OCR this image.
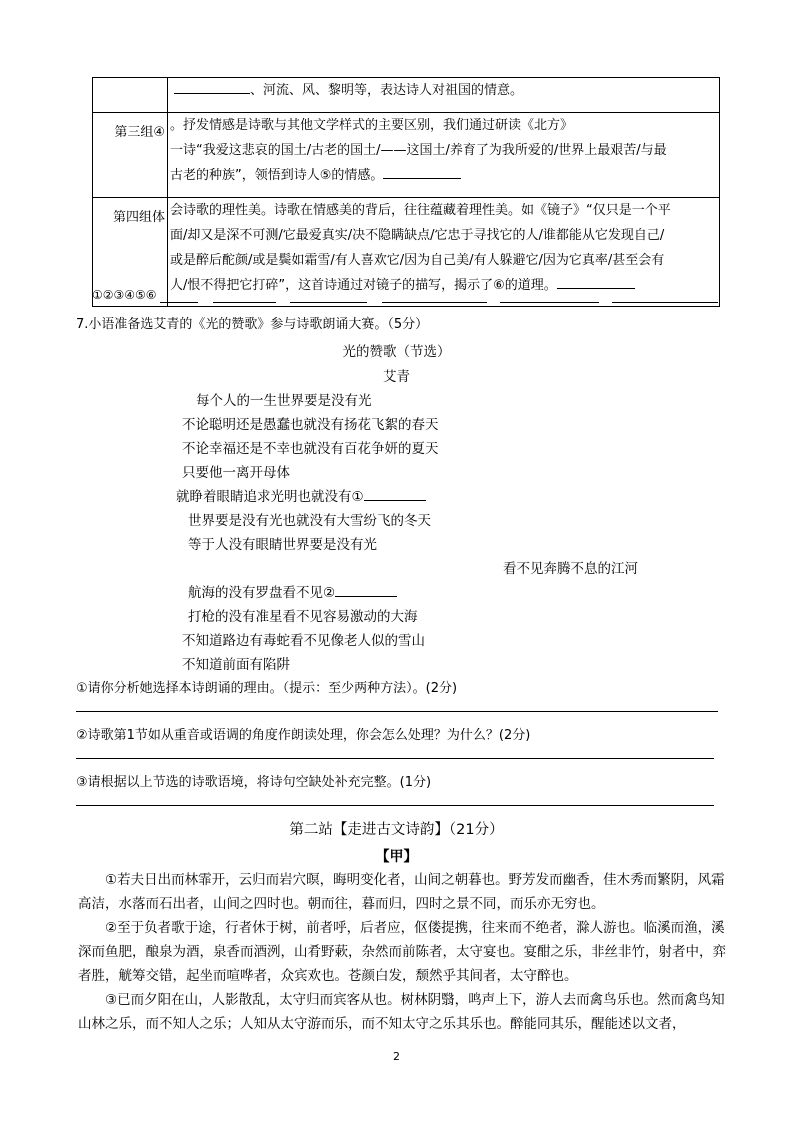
	、河流、风、黎明等，表达诗人对祖国的情意。

第三组④	。抒发情感是诗歌与其他文学样式的主要区别，我们通过研读《北方》
一诗“我爱这悲哀的国土/古老的国土/——这国土/养育了为我所爱的/世界上最艰苦/与最
古老的种族”，领悟到诗人⑤的情感。

第四组体	会诗歌的理性美。诗歌在情感美的背后，往往蕴藏着理性美。如《镜子》“仅只是一个平
面/却又是深不可测/它最爱真实/决不隐瞒缺点/它忠于寻找它的人/谁都能从它发现自己/
或是醉后酡颜/或是鬓如霜雪/有人喜欢它/因为自己美/有人躲避它/因为它真率/甚至会有
人/恨不得把它打碎”，这首诗通过对镜子的描写，揭示了⑥的道理。
①②③④⑤⑥
7.小语准备选艾青的《光的赞歌》参与诗歌朗诵大赛。（5分）
光的赞歌（节选）
艾青
每个人的一生世界要是没有光
不论聪明还是愚蠢也就没有扬花飞絮的春天
不论幸福还是不幸也就没有百花争妍的夏天
只要他一离开母体
就睁着眼睛追求光明也就没有①
世界要是没有光也就没有大雪纷飞的冬天
等于人没有眼睛世界要是没有光
看不见奔腾不息的江河
航海的没有罗盘看不见②
打枪的没有准星看不见容易激动的大海
不知道路边有毒蛇看不见像老人似的雪山
不知道前面有陷阱
①请你分析她选择本诗朗诵的理由。（提示：至少两种方法）。(2分)
②诗歌第1节如从重音或语调的角度作朗读处理，你会怎么处理？为什么？(2分)
③请根据以上节选的诗歌语境，将诗句空缺处补充完整。(1分)
第二站【走进古文诗韵】（21分）
【甲】

①若夫日出而林霏开，云归而岩穴暝，晦明变化者，山间之朝暮也。野芳发而幽香，佳木秀而繁阴，风霜高洁，水落而石出者，山间之四时也。朝而往，暮而归，四时之景不同，而乐亦无穷也。

②至于负者歌于途，行者休于树，前者呼，后者应，伛偻提携，往来而不绝者，滁人游也。临溪而渔，溪深而鱼肥，酿泉为酒，泉香而酒洌，山肴野蔌，杂然而前陈者，太守宴也。宴酣之乐，非丝非竹，射者中，弈者胜，觥筹交错，起坐而喧哗者，众宾欢也。苍颜白发，颓然乎其间者，太守醉也。

③已而夕阳在山，人影散乱，太守归而宾客从也。树林阴翳，鸣声上下，游人去而禽鸟乐也。然而禽鸟知山林之乐，而不知人之乐；人知从太守游而乐，而不知太守之乐其乐也。醉能同其乐，醒能述以文者，

2
